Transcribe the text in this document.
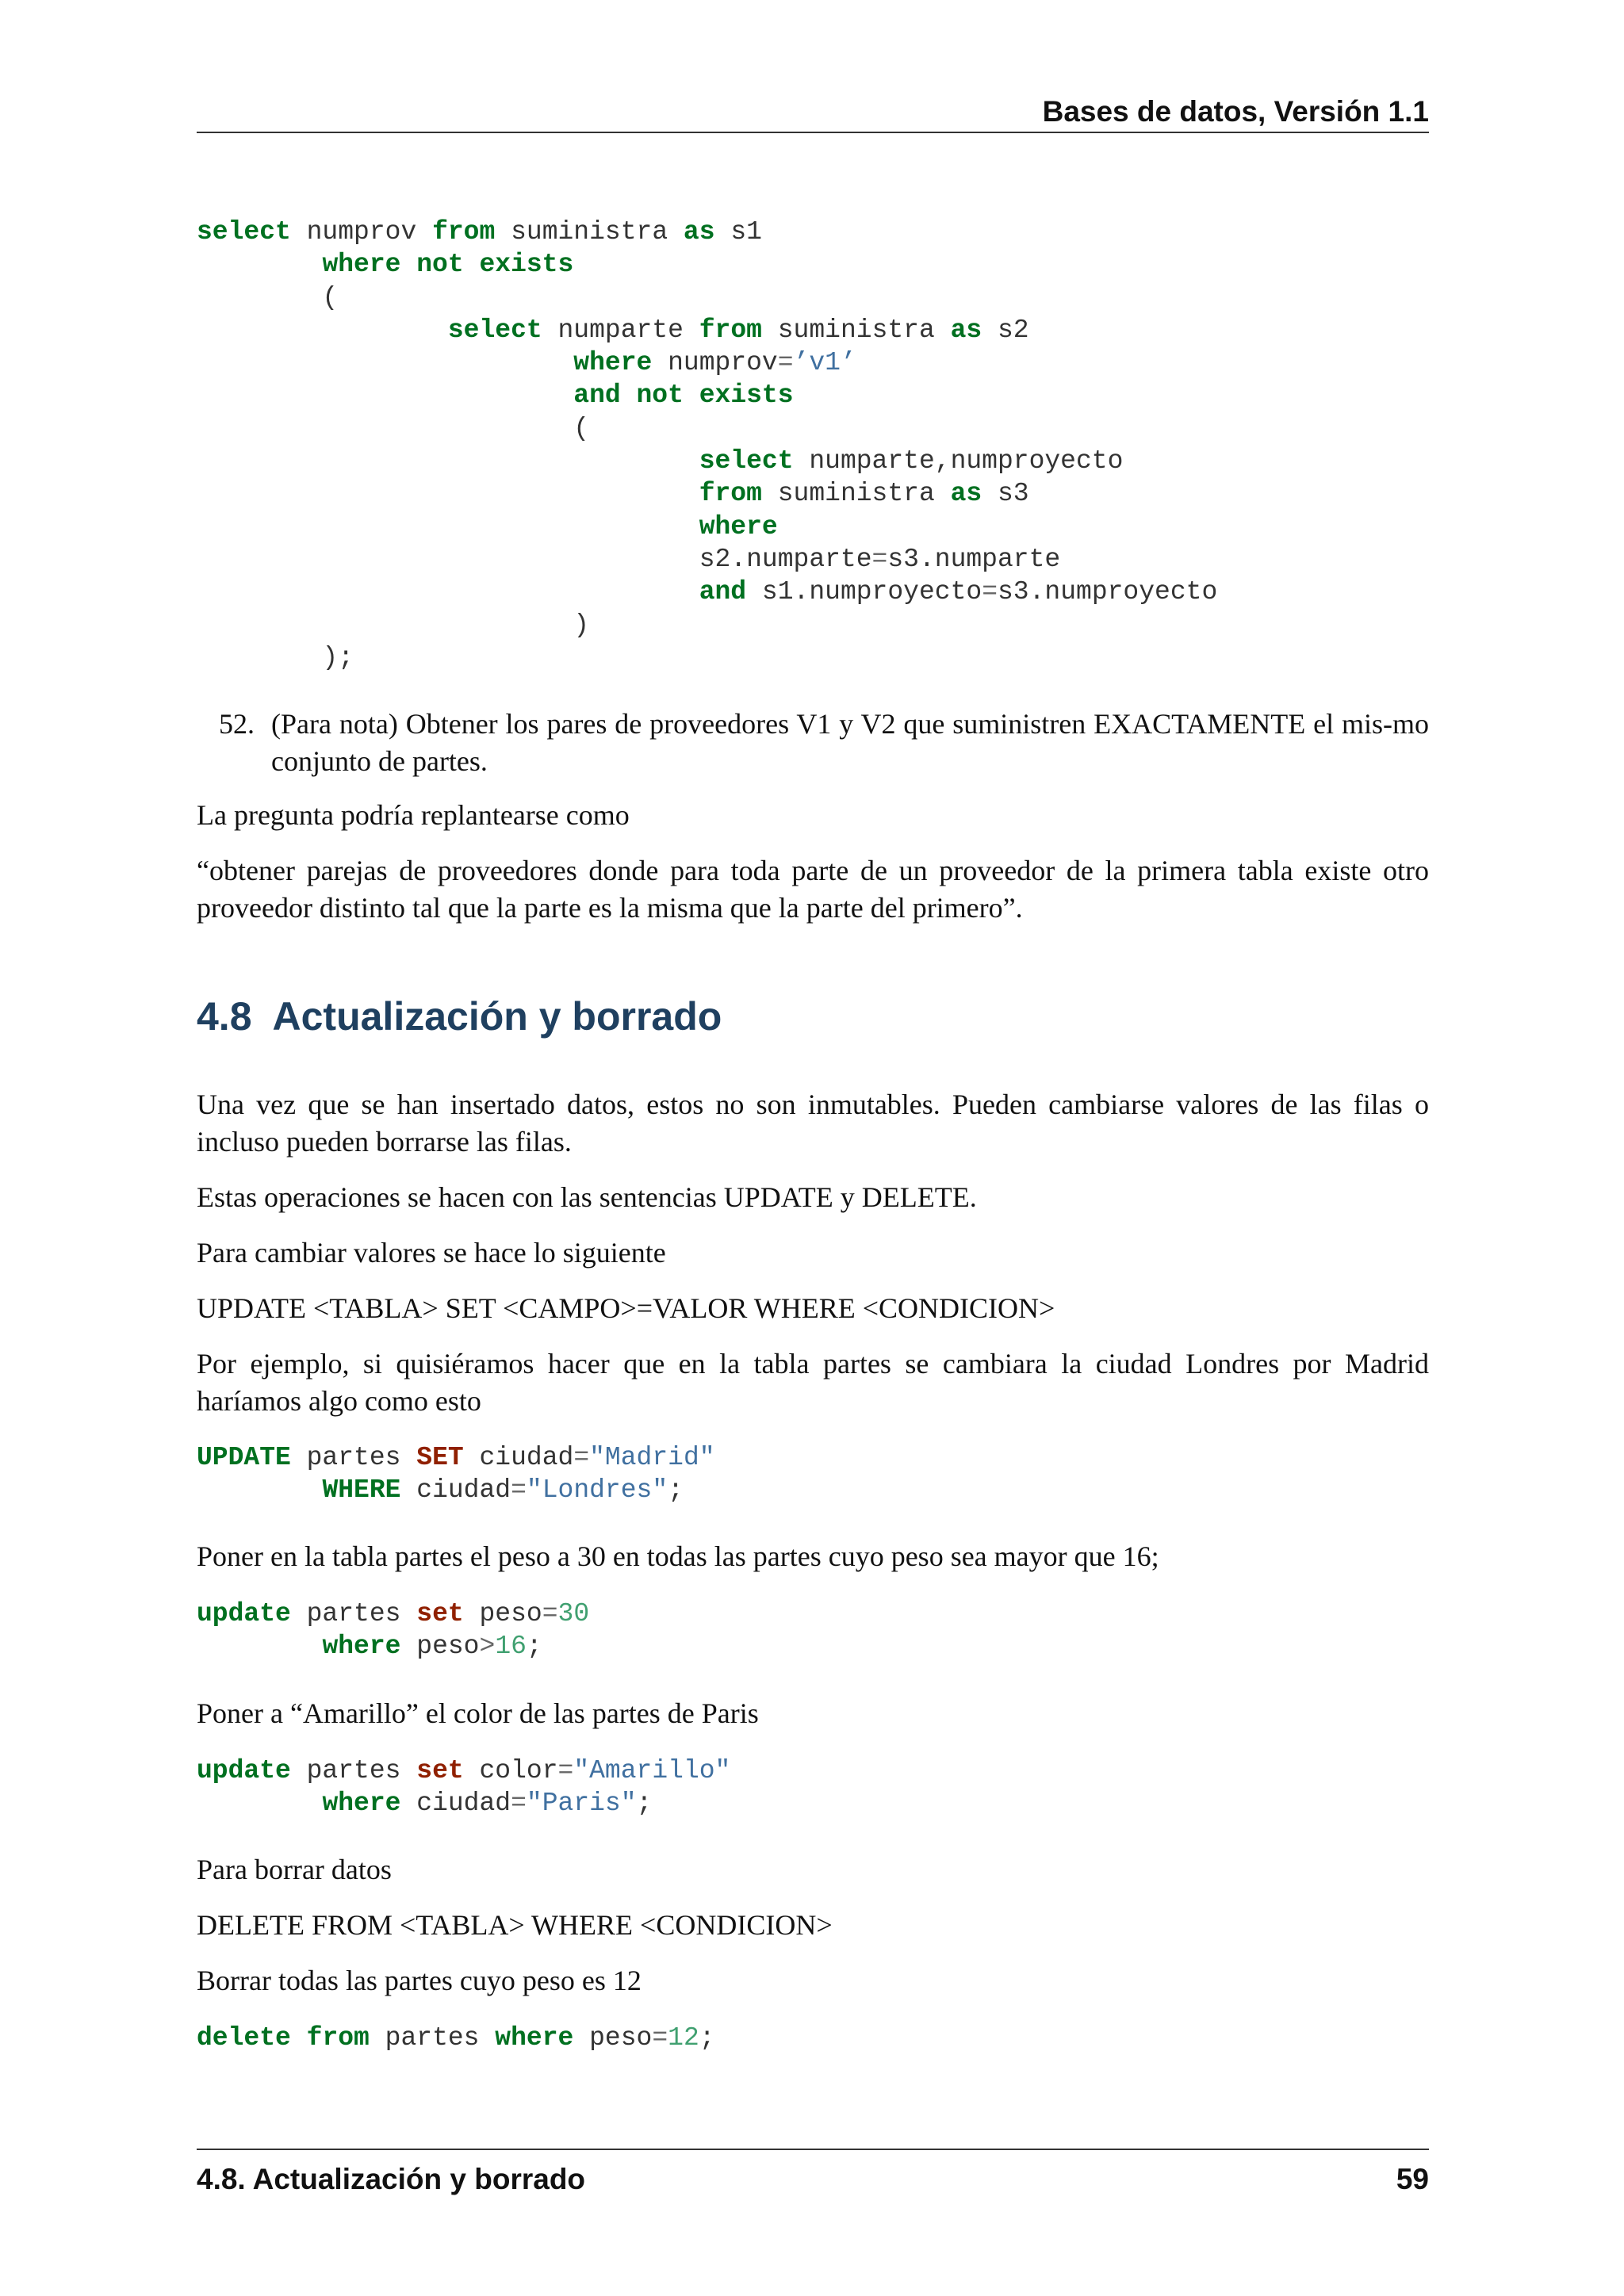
Bases de datos, Versión 1.1
select numprov from suministra as s1
where not exists
(
select numparte from suministra as s2
where numprov=’v1’
and not exists
(
select numparte,numproyecto
from suministra as s3
where
s2.numparte=s3.numparte
and s1.numproyecto=s3.numproyecto
)
);
52. (Para nota) Obtener los pares de proveedores V1 y V2 que suministren EXACTAMENTE el mis-mo conjunto de partes.

La pregunta podría replantearse como

“obtener parejas de proveedores donde para toda parte de un proveedor de la primera tabla existe otro proveedor distinto tal que la parte es la misma que la parte del primero”.

4.8 Actualización y borrado

Una vez que se han insertado datos, estos no son inmutables. Pueden cambiarse valores de las filas o incluso pueden borrarse las filas.

Estas operaciones se hacen con las sentencias UPDATE y DELETE.

Para cambiar valores se hace lo siguiente

UPDATE <TABLA> SET <CAMPO>=VALOR WHERE <CONDICION>

Por ejemplo, si quisiéramos hacer que en la tabla partes se cambiara la ciudad Londres por Madrid haríamos algo como esto

UPDATE partes SET ciudad="Madrid"
WHERE ciudad="Londres";

Poner en la tabla partes el peso a 30 en todas las partes cuyo peso sea mayor que 16;

update partes set peso=30
where peso>16;

Poner a “Amarillo” el color de las partes de Paris

update partes set color="Amarillo"
where ciudad="Paris";

Para borrar datos

DELETE FROM <TABLA> WHERE <CONDICION>

Borrar todas las partes cuyo peso es 12

delete from partes where peso=12;
4.8. Actualización y borrado	59
